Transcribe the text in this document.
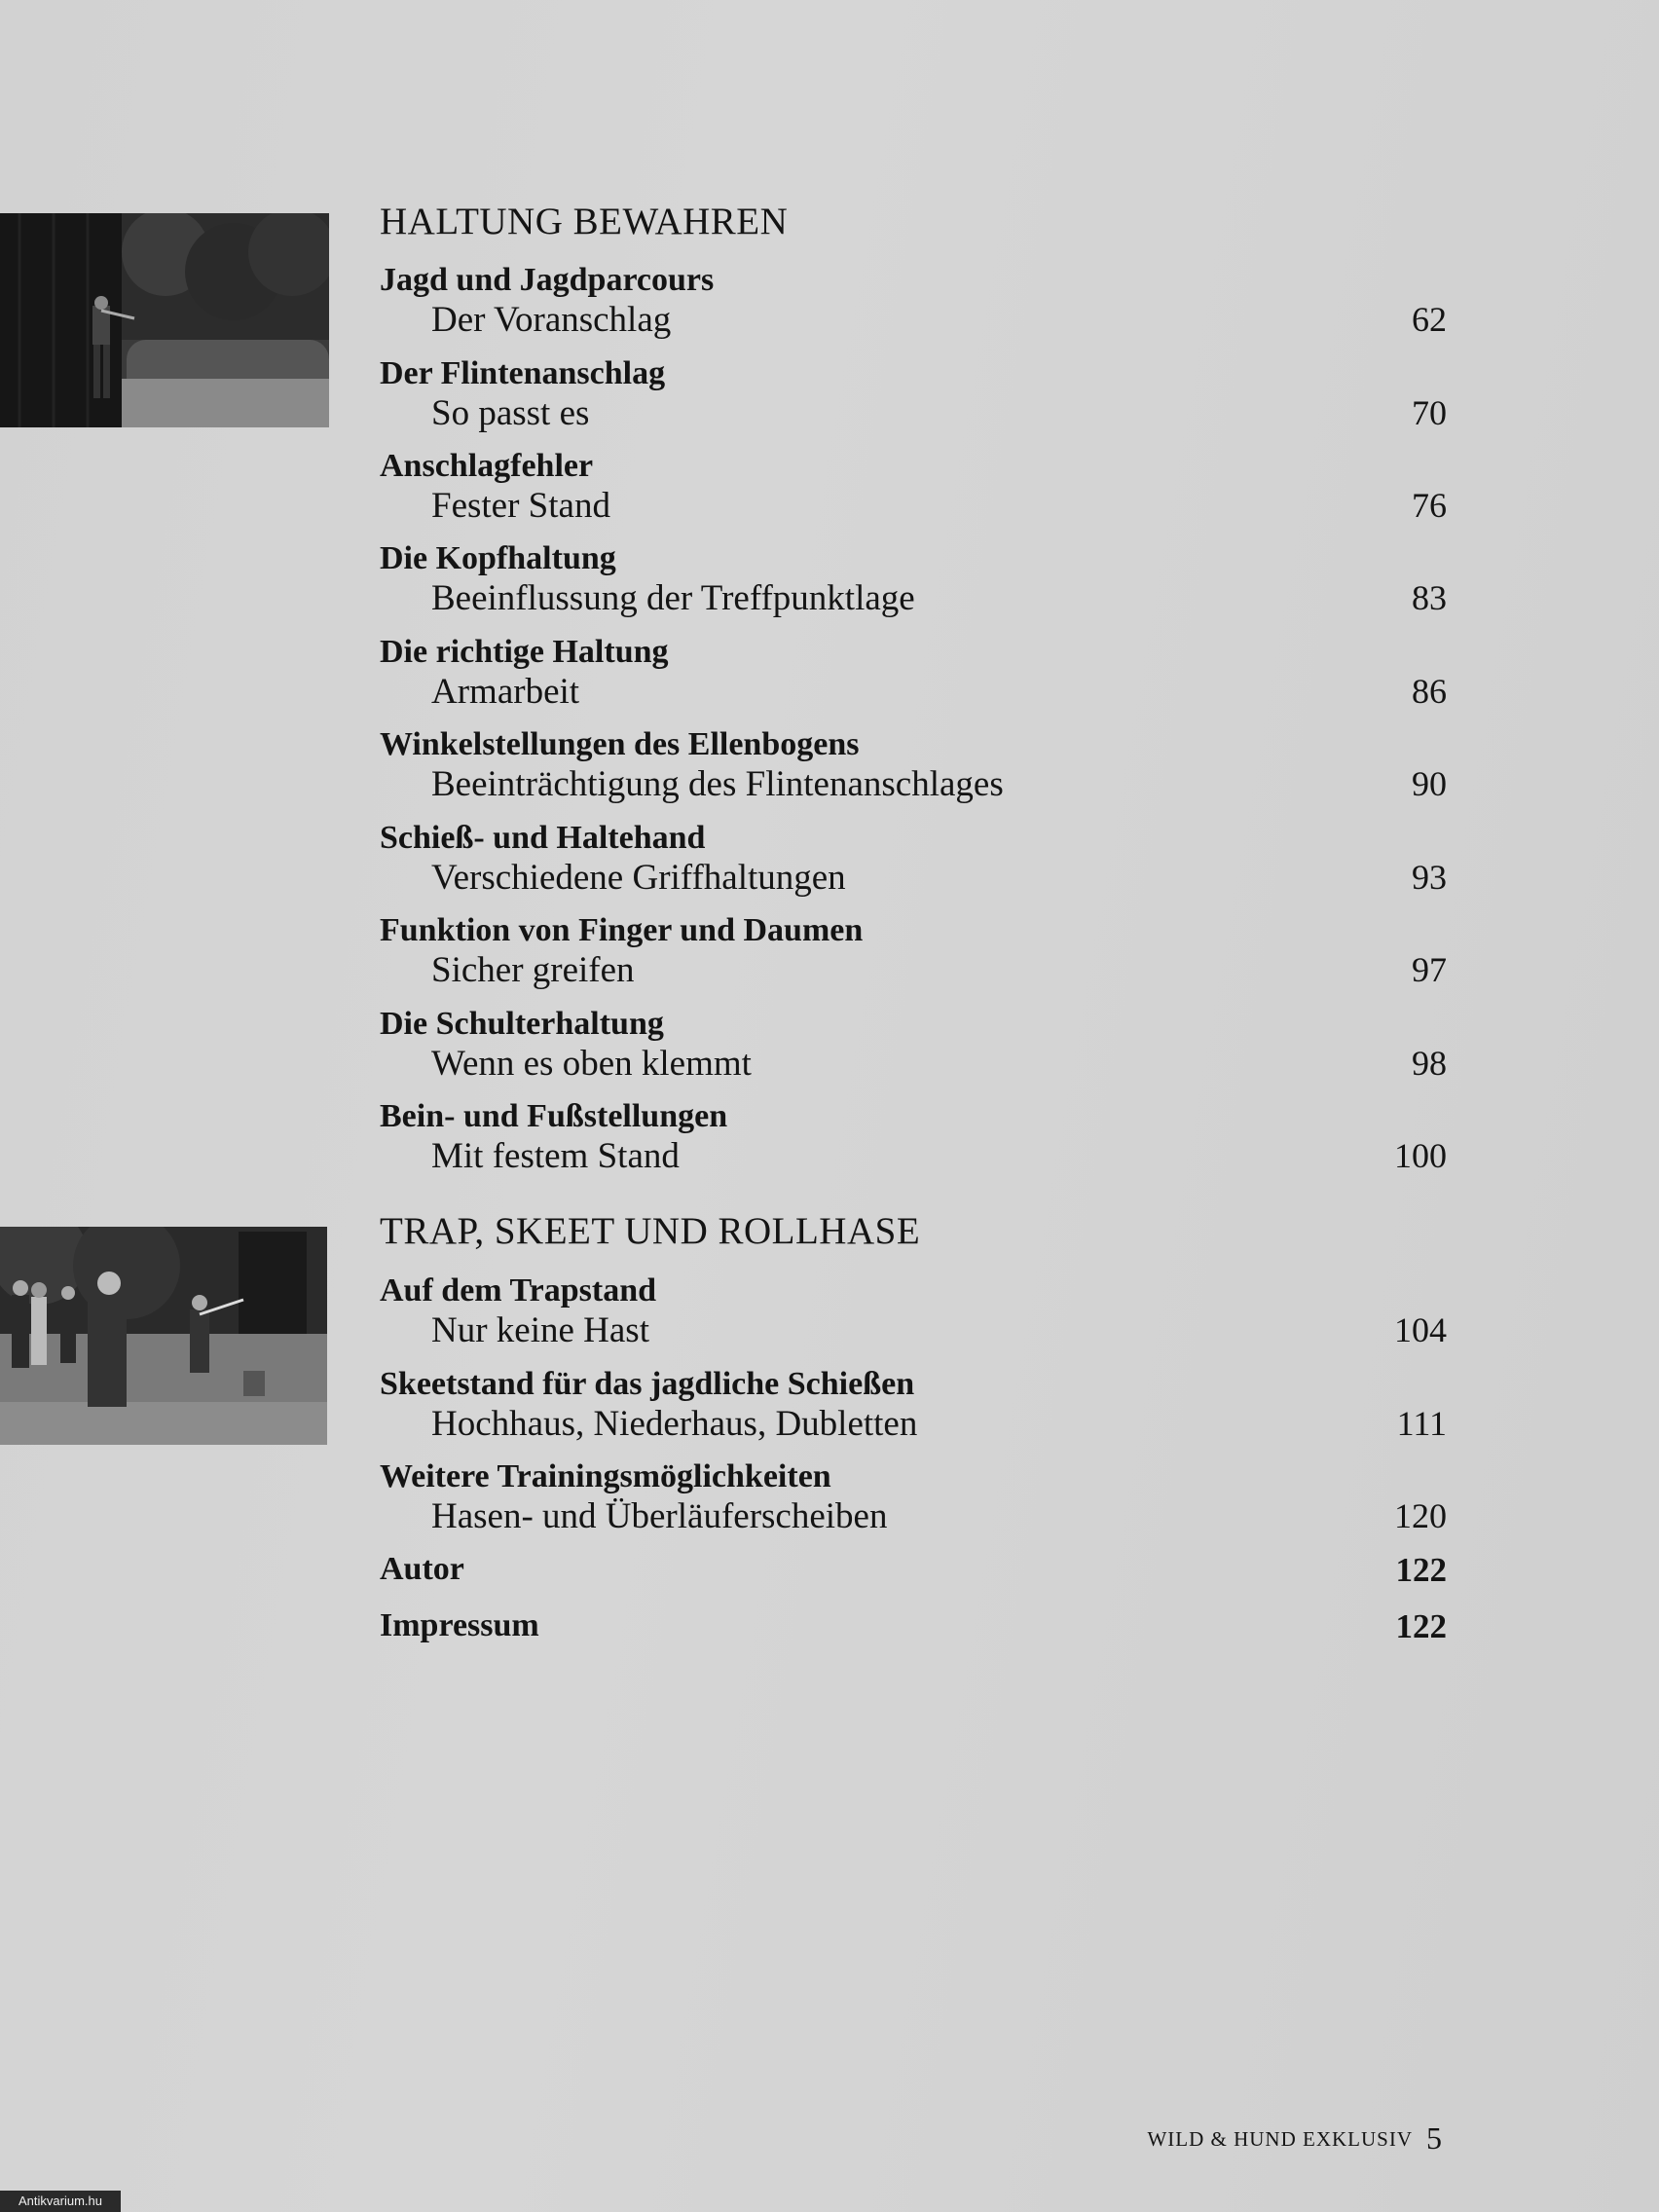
HALTUNG BEWAHREN
Jagd und Jagdparcours
Der Voranschlag	62
Der Flintenanschlag
So passt es	70
Anschlagfehler
Fester Stand	76
Die Kopfhaltung
Beeinflussung der Treffpunktlage	83
Die richtige Haltung
Armarbeit	86
Winkelstellungen des Ellenbogens
Beeinträchtigung des Flintenanschlages	90
Schieß- und Haltehand
Verschiedene Griffhaltungen	93
Funktion von Finger und Daumen
Sicher greifen	97
Die Schulterhaltung
Wenn es oben klemmt	98
Bein- und Fußstellungen
Mit festem Stand	100
TRAP, SKEET UND ROLLHASE
Auf dem Trapstand
Nur keine Hast	104
Skeetstand für das jagdliche Schießen
Hochhaus, Niederhaus, Dubletten	111
Weitere Trainingsmöglichkeiten
Hasen- und Überläuferscheiben	120
Autor	122
Impressum	122
WILD & HUND EXKLUSIV 5
Antikvarium.hu
